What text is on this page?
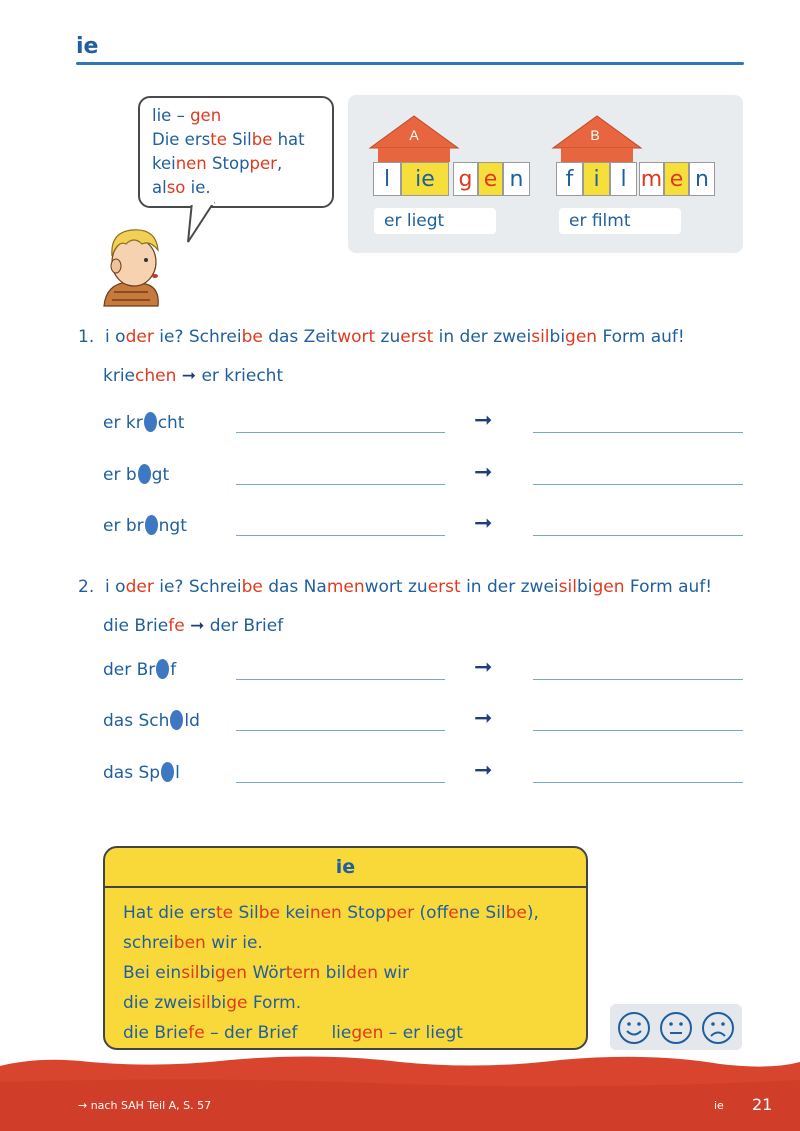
ie
lie – gen
Die erste Silbe hat
keinen Stopper,
also ie.
A
l	ie	g e n
er liegt
B
f i l m e n
er filmt
1. i oder ie? Schreibe das Zeitwort zuerst in der zweisilbigen Form auf!
kriechen ➞ er kriecht
er kr cht	➞
er b gt	➞
er br ngt	➞
2. i oder ie? Schreibe das Namenwort zuerst in der zweisilbigen Form auf!
die Briefe ➞ der Brief
der Br f	➞
das Sch ld	➞
das Sp l	➞
ie
Hat die erste Silbe keinen Stopper (offene Silbe),
schreiben wir ie.
Bei einsilbigen Wörtern bilden wir
die zweisilbige Form.
die Briefe – der Brief liegen – er liegt
→ nach SAH Teil A, S. 57	ie 21
